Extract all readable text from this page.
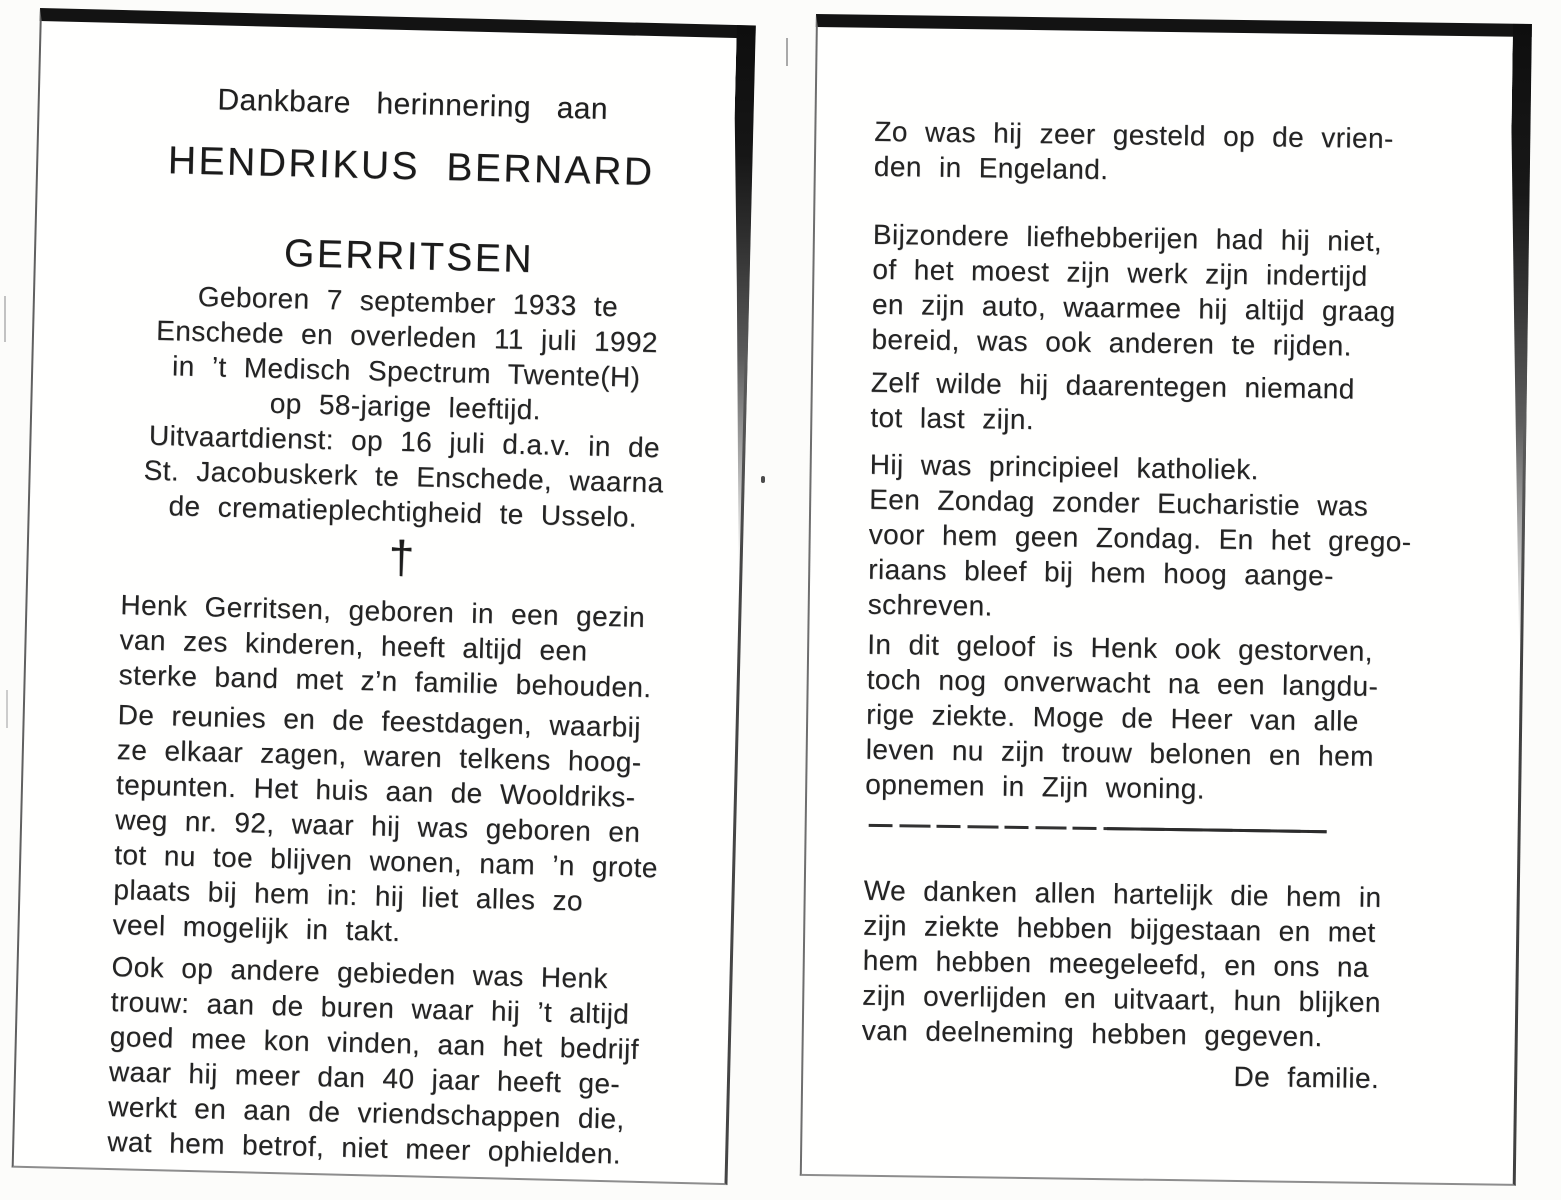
Dankbare herinnering aan

HENDRIKUS BERNARD

GERRITSEN

Geboren 7 september 1933 te
Enschede en overleden 11 juli 1992
in ’t Medisch Spectrum Twente(H)
op 58-jarige leeftijd.

Uitvaartdienst: op 16 juli d.a.v. in de
St. Jacobuskerk te Enschede, waarna
de crematieplechtigheid te Usselo.

†

Henk Gerritsen, geboren in een gezin
van zes kinderen, heeft altijd een
sterke band met z’n familie behouden.

De reunies en de feestdagen, waarbij
ze elkaar zagen, waren telkens hoog-
tepunten. Het huis aan de Wooldriks-
weg nr. 92, waar hij was geboren en
tot nu toe blijven wonen, nam ’n grote
plaats bij hem in: hij liet alles zo
veel mogelijk in takt.

Ook op andere gebieden was Henk
trouw: aan de buren waar hij ’t altijd
goed mee kon vinden, aan het bedrijf
waar hij meer dan 40 jaar heeft ge-
werkt en aan de vriendschappen die,
wat hem betrof, niet meer ophielden.

Zo was hij zeer gesteld op de vrien-
den in Engeland.

Bijzondere liefhebberijen had hij niet,
of het moest zijn werk zijn indertijd
en zijn auto, waarmee hij altijd graag
bereid, was ook anderen te rijden.

Zelf wilde hij daarentegen niemand
tot last zijn.

Hij was principieel katholiek.
Een Zondag zonder Eucharistie was
voor hem geen Zondag. En het grego-
riaans bleef bij hem hoog aange-
schreven.

In dit geloof is Henk ook gestorven,
toch nog onverwacht na een langdu-
rige ziekte. Moge de Heer van alle
leven nu zijn trouw belonen en hem
opnemen in Zijn woning.

We danken allen hartelijk die hem in
zijn ziekte hebben bijgestaan en met
hem hebben meegeleefd, en ons na
zijn overlijden en uitvaart, hun blijken
van deelneming hebben gegeven.

De familie.
